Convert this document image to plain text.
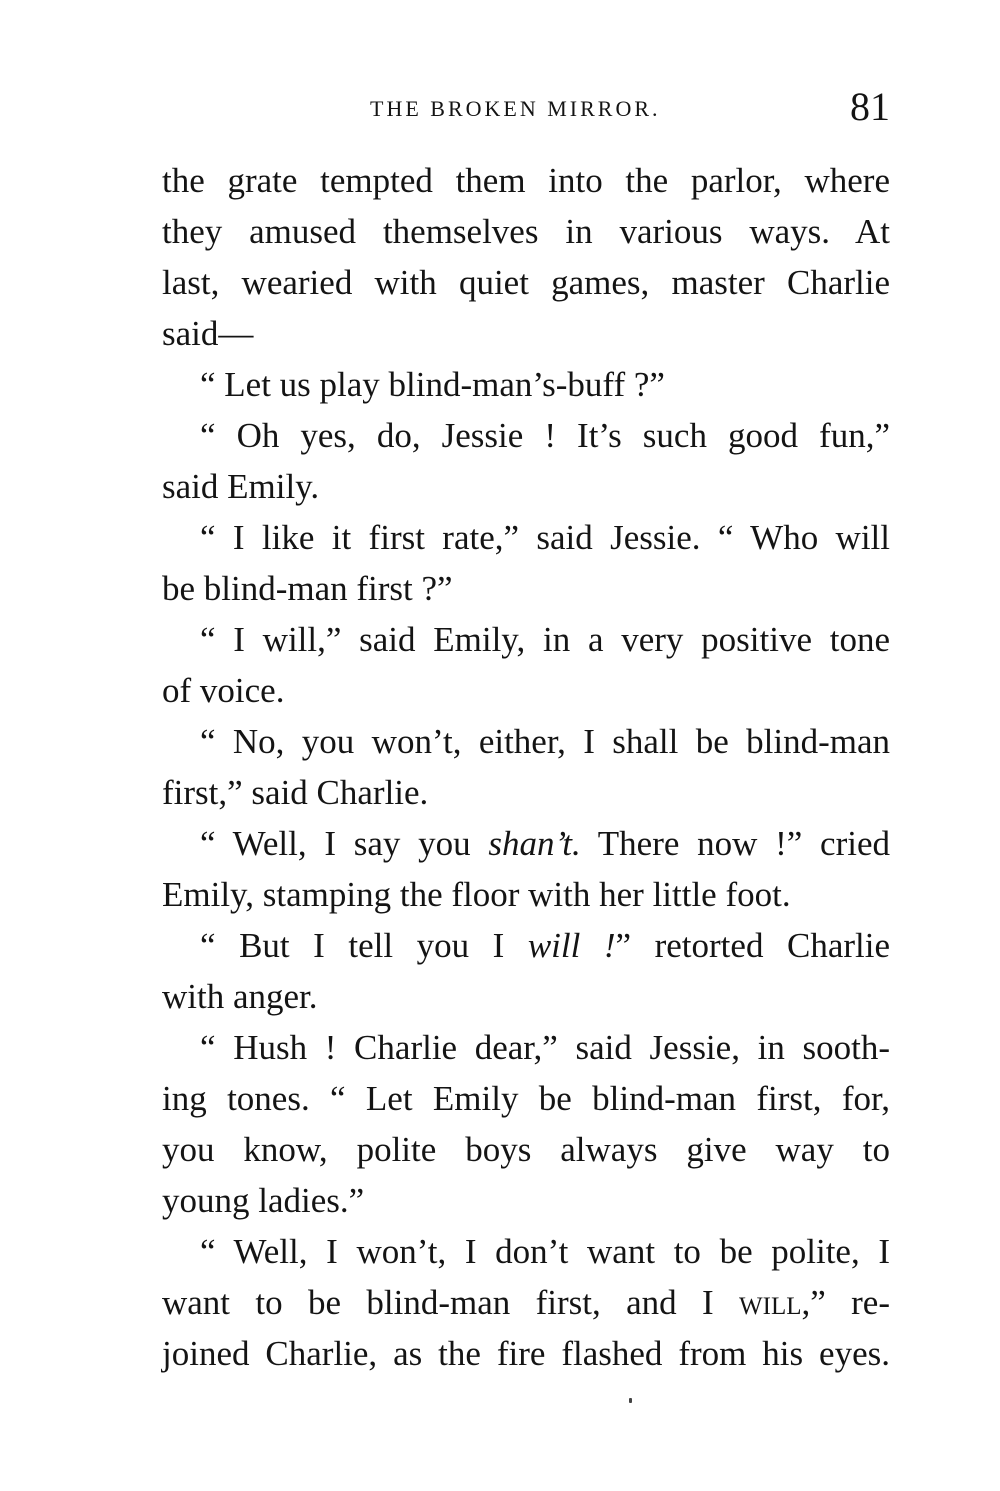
THE BROKEN MIRROR.	81
the grate tempted them into the parlor, where
they amused themselves in various ways. At
last, wearied with quiet games, master Charlie
said—
“ Let us play blind-man’s-buff ?”
“ Oh yes, do, Jessie ! It’s such good fun,”
said Emily.
“ I like it first rate,” said Jessie. “ Who will
be blind-man first ?”
“ I will,” said Emily, in a very positive tone
of voice.
“ No, you won’t, either, I shall be blind-man
first,” said Charlie.
“ Well, I say you shan’t. There now !” cried
Emily, stamping the floor with her little foot.
“ But I tell you I will !” retorted Charlie
with anger.
“ Hush ! Charlie dear,” said Jessie, in sooth-
ing tones. “ Let Emily be blind-man first, for,
you know, polite boys always give way to
young ladies.”
“ Well, I won’t, I don’t want to be polite, I
want to be blind-man first, and I will,” re-
joined Charlie, as the fire flashed from his eyes.
